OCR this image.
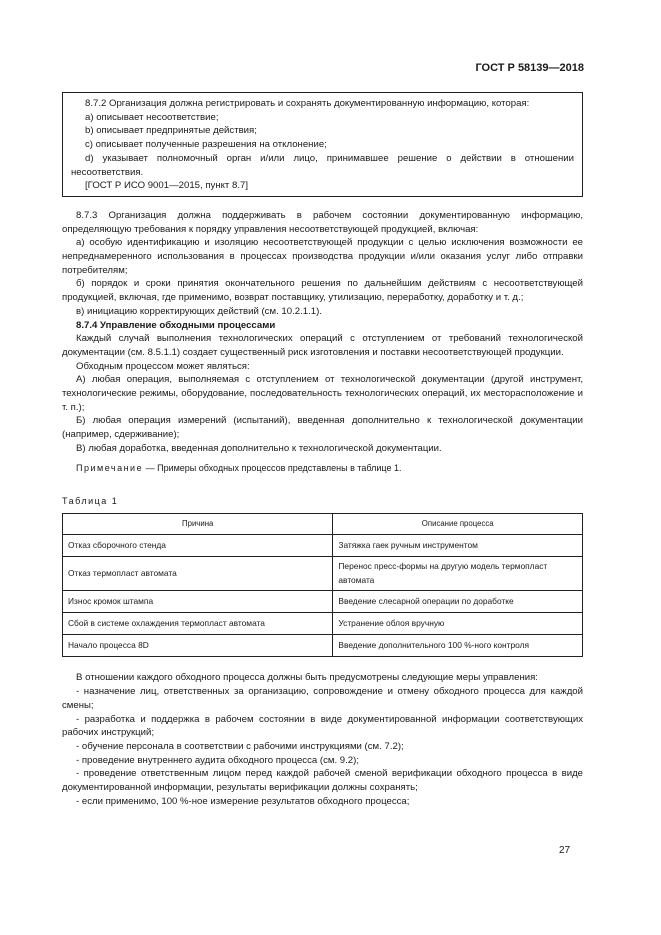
ГОСТ Р 58139—2018

8.7.2 Организация должна регистрировать и сохранять документированную информацию, которая:

a) описывает несоответствие;

b) описывает предпринятые действия;

c) описывает полученные разрешения на отклонение;

d) указывает полномочный орган и/или лицо, принимавшее решение о действии в отношении несоответствия.

[ГОСТ Р ИСО 9001—2015, пункт 8.7]

8.7.3 Организация должна поддерживать в рабочем состоянии документированную информацию, определяющую требования к порядку управления несоответствующей продукцией, включая:

а) особую идентификацию и изоляцию несоответствующей продукции с целью исключения возможности ее непреднамеренного использования в процессах производства продукции и/или оказания услуг либо отправки потребителям;

б) порядок и сроки принятия окончательного решения по дальнейшим действиям с несоответствующей продукцией, включая, где применимо, возврат поставщику, утилизацию, переработку, доработку и т. д.;

в) инициацию корректирующих действий (см. 10.2.1.1).

8.7.4 Управление обходными процессами

Каждый случай выполнения технологических операций с отступлением от требований технологической документации (см. 8.5.1.1) создает существенный риск изготовления и поставки несоответствующей продукции.

Обходным процессом может являться:

А) любая операция, выполняемая с отступлением от технологической документации (другой инструмент, технологические режимы, оборудование, последовательность технологических операций, их месторасположение и т. п.);

Б) любая операция измерений (испытаний), введенная дополнительно к технологической документации (например, сдерживание);

В) любая доработка, введенная дополнительно к технологической документации.

Примечание — Примеры обходных процессов представлены в таблице 1.

Таблица 1
Причина	Описание процесса
Отказ сборочного стенда	Затяжка гаек ручным инструментом
Отказ термопласт автомата	Перенос пресс-формы на другую модель термопласт автомата
Износ кромок штампа	Введение слесарной операции по доработке
Сбой в системе охлаждения термопласт автомата	Устранение облоя вручную
Начало процесса 8D	Введение дополнительного 100 %-ного контроля

В отношении каждого обходного процесса должны быть предусмотрены следующие меры управления:

- назначение лиц, ответственных за организацию, сопровождение и отмену обходного процесса для каждой смены;

- разработка и поддержка в рабочем состоянии в виде документированной информации соответствующих рабочих инструкций;

- обучение персонала в соответствии с рабочими инструкциями (см. 7.2);

- проведение внутреннего аудита обходного процесса (см. 9.2);

- проведение ответственным лицом перед каждой рабочей сменой верификации обходного процесса в виде документированной информации, результаты верификации должны сохранять;

- если применимо, 100 %-ное измерение результатов обходного процесса;

27
